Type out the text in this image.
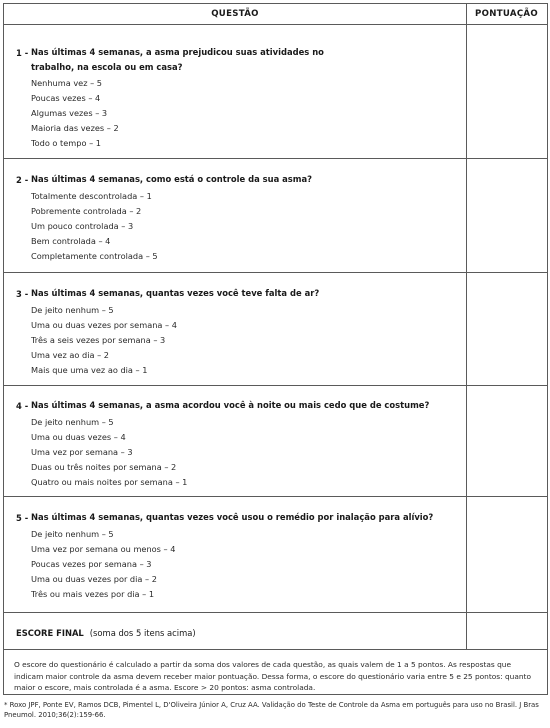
QUESTÃO	PONTUAÇÃO
1 - Nas últimas 4 semanas, a asma prejudicou suas atividades no trabalho, na escola ou em casa?
Nenhuma vez – 5
Poucas vezes – 4
Algumas vezes – 3
Maioria das vezes – 2
Todo o tempo – 1
2 - Nas últimas 4 semanas, como está o controle da sua asma?
Totalmente descontrolada – 1
Pobremente controlada – 2
Um pouco controlada – 3
Bem controlada – 4
Completamente controlada – 5
3 - Nas últimas 4 semanas, quantas vezes você teve falta de ar?
De jeito nenhum – 5
Uma ou duas vezes por semana – 4
Três a seis vezes por semana – 3
Uma vez ao dia – 2
Mais que uma vez ao dia – 1
4 - Nas últimas 4 semanas, a asma acordou você à noite ou mais cedo que de costume?
De jeito nenhum – 5
Uma ou duas vezes – 4
Uma vez por semana – 3
Duas ou três noites por semana – 2
Quatro ou mais noites por semana – 1
5 - Nas últimas 4 semanas, quantas vezes você usou o remédio por inalação para alívio?
De jeito nenhum – 5
Uma vez por semana ou menos – 4
Poucas vezes por semana – 3
Uma ou duas vezes por dia – 2
Três ou mais vezes por dia – 1
ESCORE FINAL (soma dos 5 itens acima)
O escore do questionário é calculado a partir da soma dos valores de cada questão, as quais valem de 1 a 5 pontos. As respostas que indicam maior controle da asma devem receber maior pontuação. Dessa forma, o escore do questionário varia entre 5 e 25 pontos: quanto maior o escore, mais controlada é a asma. Escore > 20 pontos: asma controlada.
* Roxo JPF, Ponte EV, Ramos DCB, Pimentel L, D'Oliveira Júnior A, Cruz AA. Validação do Teste de Controle da Asma em português para uso no Brasil. J Bras Pneumol. 2010;36(2):159-66.
